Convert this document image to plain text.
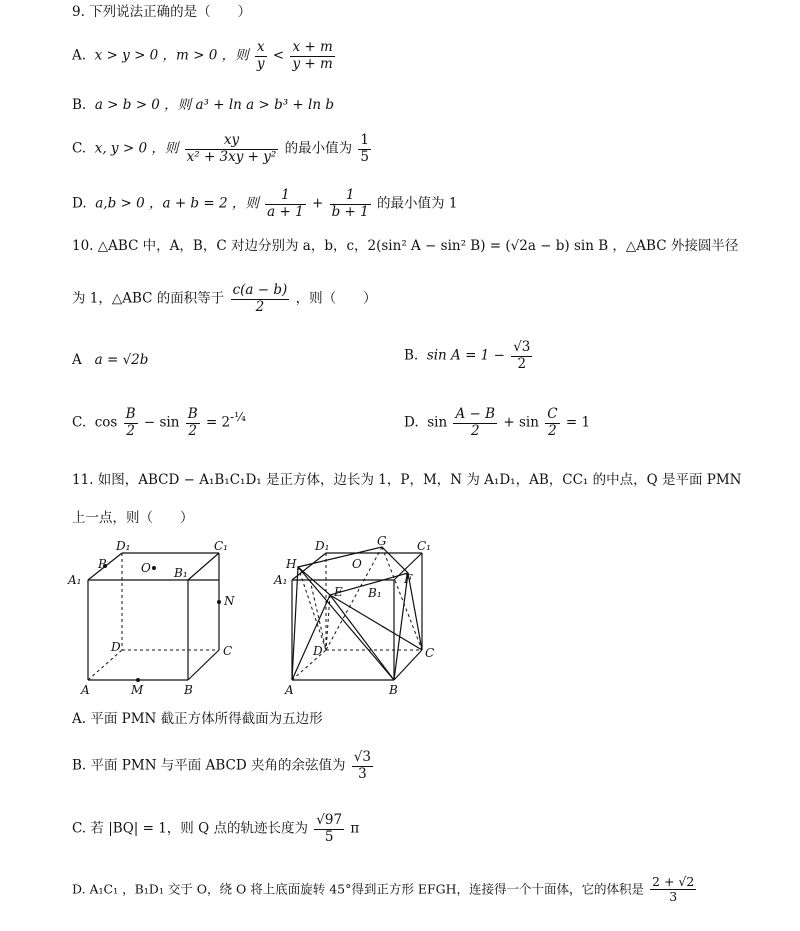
9. 下列说法正确的是（　　）
A. x > y > 0 ，m > 0 ，则 $\frac{x}{y} < \frac{x + m}{y + m}$
B. a > b > 0 ，则 a³ + ln a > b³ + ln b
C. x, y > 0 ，则 $\frac{xy}{\text{x² + 3xy + y²}}$ 的最小值为 $\frac{1}{5}$
D. a,b > 0 ，a + b = 2 ，则 $\frac{1}{a + 1} + \frac{1}{b + 1}$ 的最小值为 1
10. △ABC 中，A，B，C 对边分别为 a，b，c，2(sin² A − sin² B) = (√2a − b) sin B ，△ABC 外接圆半径
为 1，△ABC 的面积等于 $\frac{c(a - b)}{2}$ ，则（　　）
A a = √2b	B. $\sin A = 1 - \frac{√3}{2}$
C. $\cos \frac{B}{2} - \sin \frac{B}{2} = 2^{-\frac{1}{4}}$	D. $\sin \frac{A - B}{2} + \sin \frac{C}{2} = 1$
11. 如图，ABCD − A₁B₁C₁D₁ 是正方体，边长为 1，P，M，N 为 A₁D₁，AB，CC₁ 的中点，Q 是平面 PMN
上一点，则（　　）
D₁	C₁
A₁
P	O B₁
N
D	C
A	M	B
D₁	G	C₁
H	O
F
A₁
E B₁
D	C
A	B
A. 平面 PMN 截正方体所得截面为五边形
B. 平面 PMN 与平面 ABCD 夹角的余弦值为 $\frac{√3}{3}$
C. 若 |BQ| = 1，则 Q 点的轨迹长度为 $\frac{√97}{5}$ π
D. A₁C₁ ，B₁D₁ 交于 O，绕 O 将上底面旋转 45°得到正方形 EFGH，连接得一个十面体，它的体积是 $\frac{2 + √2}{3}$
